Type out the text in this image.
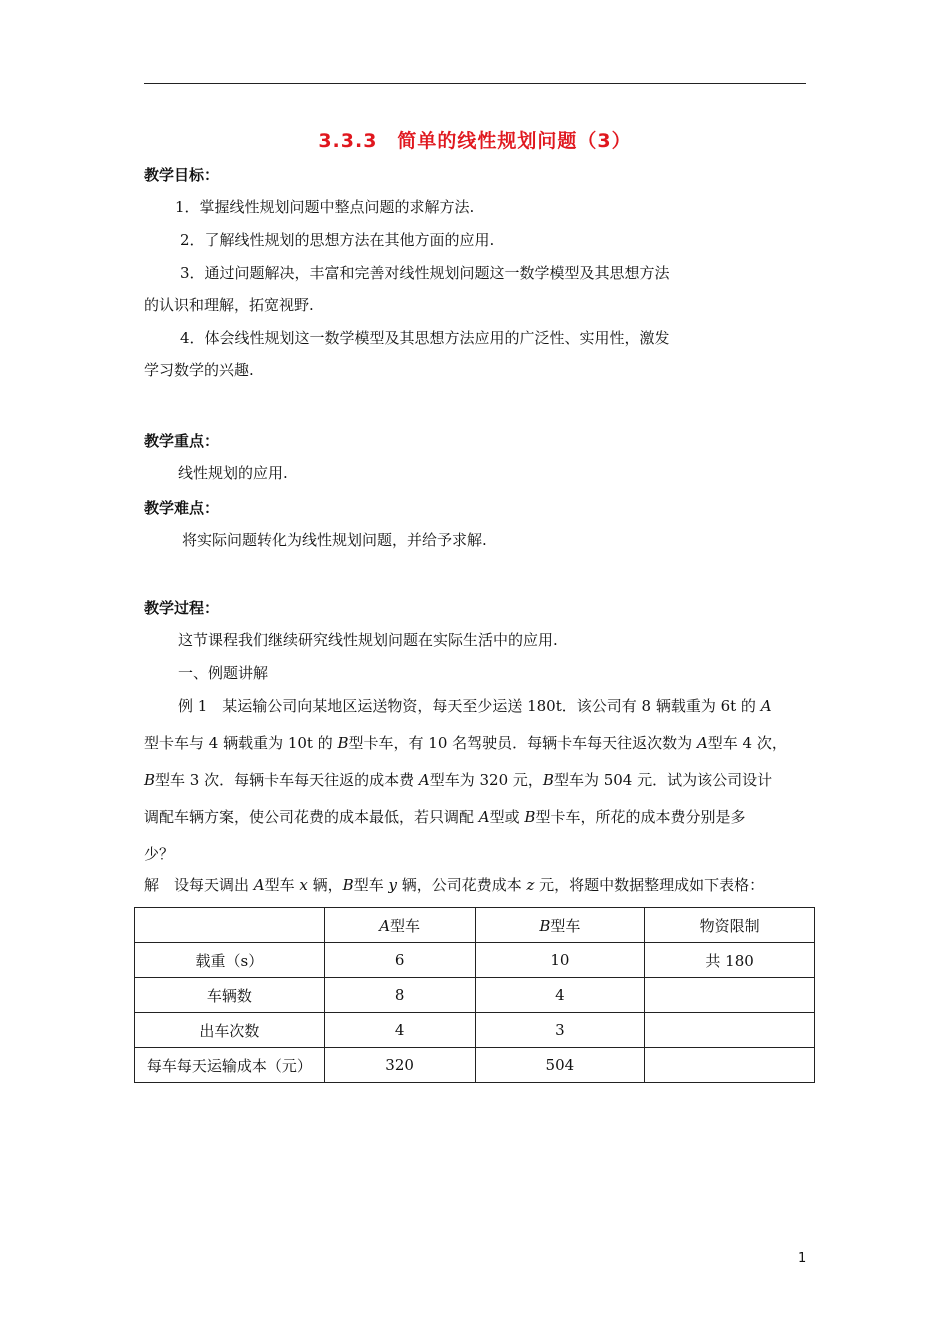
3.3.3　简单的线性规划问题（3）
教学目标：
1．掌握线性规划问题中整点问题的求解方法.
2．了解线性规划的思想方法在其他方面的应用.
3．通过问题解决，丰富和完善对线性规划问题这一数学模型及其思想方法
的认识和理解，拓宽视野.
4．体会线性规划这一数学模型及其思想方法应用的广泛性、实用性，激发
学习数学的兴趣.
教学重点：
线性规划的应用.
教学难点：
将实际问题转化为线性规划问题，并给予求解.
教学过程：
这节课程我们继续研究线性规划问题在实际生活中的应用.
一、例题讲解
例 1　某运输公司向某地区运送物资，每天至少运送 180t．该公司有 8 辆载重为 6t 的 A
型卡车与 4 辆载重为 10t 的 B型卡车，有 10 名驾驶员．每辆卡车每天往返次数为 A型车 4 次，
B型车 3 次．每辆卡车每天往返的成本费 A型车为 320 元，B型车为 504 元．试为该公司设计
调配车辆方案，使公司花费的成本最低，若只调配 A型或 B型卡车，所花的成本费分别是多
少？
解　设每天调出 A型车 x 辆，B型车 y 辆，公司花费成本 z 元，将题中数据整理成如下表格：
	A型车	B型车	物资限制
载重（s）	6	10	共 180
车辆数	8	4	
出车次数	4	3	
每车每天运输成本（元）	320	504	
1
